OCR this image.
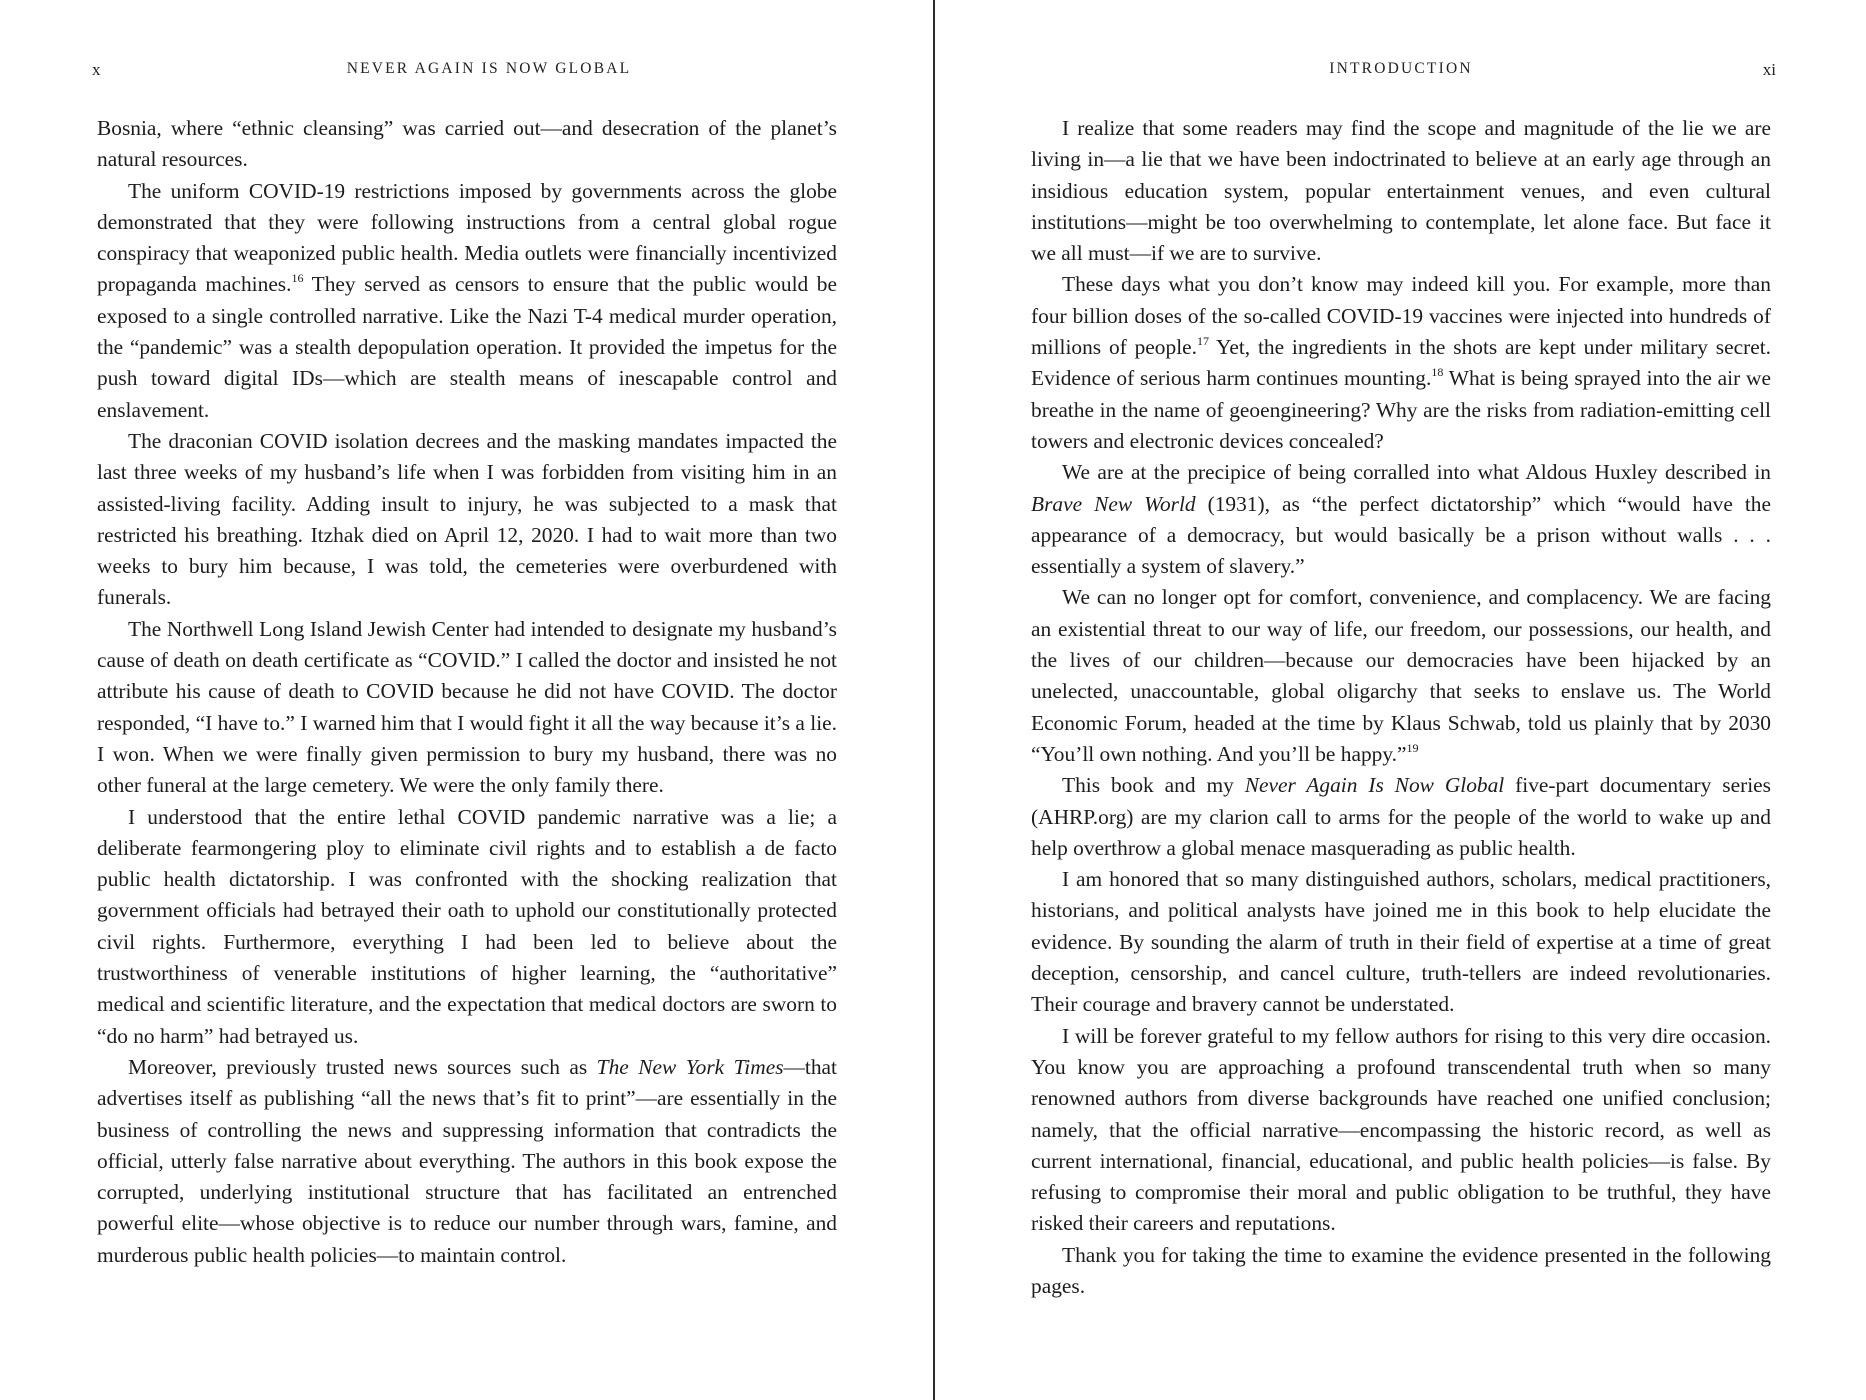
x	NEVER AGAIN IS NOW GLOBAL

Bosnia, where “ethnic cleansing” was carried out—and desecration of the planet’s natural resources.

The uniform COVID-19 restrictions imposed by governments across the globe demonstrated that they were following instructions from a central global rogue conspiracy that weaponized public health. Media outlets were financially incentivized propaganda machines.$^{16}$ They served as censors to ensure that the public would be exposed to a single controlled narrative. Like the Nazi T-4 medical murder operation, the “pandemic” was a stealth depopulation operation. It provided the impetus for the push toward digital IDs—which are stealth means of inescapable control and enslavement.

The draconian COVID isolation decrees and the masking mandates impacted the last three weeks of my husband’s life when I was forbidden from visiting him in an assisted-living facility. Adding insult to injury, he was subjected to a mask that restricted his breathing. Itzhak died on April 12, 2020. I had to wait more than two weeks to bury him because, I was told, the cemeteries were overburdened with funerals.

The Northwell Long Island Jewish Center had intended to designate my husband’s cause of death on death certificate as “COVID.” I called the doctor and insisted he not attribute his cause of death to COVID because he did not have COVID. The doctor responded, “I have to.” I warned him that I would fight it all the way because it’s a lie. I won. When we were finally given permission to bury my husband, there was no other funeral at the large cemetery. We were the only family there.

I understood that the entire lethal COVID pandemic narrative was a lie; a deliberate fearmongering ploy to eliminate civil rights and to establish a de facto public health dictatorship. I was confronted with the shocking realization that government officials had betrayed their oath to uphold our constitutionally protected civil rights. Furthermore, everything I had been led to believe about the trustworthiness of venerable institutions of higher learning, the “authoritative” medical and scientific literature, and the expectation that medical doctors are sworn to “do no harm” had betrayed us.

Moreover, previously trusted news sources such as The New York Times—that advertises itself as publishing “all the news that’s fit to print”—are essentially in the business of controlling the news and suppressing information that contradicts the official, utterly false narrative about everything. The authors in this book expose the corrupted, underlying institutional structure that has facilitated an entrenched powerful elite—whose objective is to reduce our number through wars, famine, and murderous public health policies—to maintain control.

INTRODUCTION	xi

I realize that some readers may find the scope and magnitude of the lie we are living in—a lie that we have been indoctrinated to believe at an early age through an insidious education system, popular entertainment venues, and even cultural institutions—might be too overwhelming to contemplate, let alone face. But face it we all must—if we are to survive.

These days what you don’t know may indeed kill you. For example, more than four billion doses of the so-called COVID-19 vaccines were injected into hundreds of millions of people.$^{17}$ Yet, the ingredients in the shots are kept under military secret. Evidence of serious harm continues mounting.$^{18}$ What is being sprayed into the air we breathe in the name of geoengineering? Why are the risks from radiation-emitting cell towers and electronic devices concealed?

We are at the precipice of being corralled into what Aldous Huxley described in Brave New World (1931), as “the perfect dictatorship” which “would have the appearance of a democracy, but would basically be a prison without walls . . . essentially a system of slavery.”

We can no longer opt for comfort, convenience, and complacency. We are facing an existential threat to our way of life, our freedom, our possessions, our health, and the lives of our children—because our democracies have been hijacked by an unelected, unaccountable, global oligarchy that seeks to enslave us. The World Economic Forum, headed at the time by Klaus Schwab, told us plainly that by 2030 “You’ll own nothing. And you’ll be happy.”$^{19}$

This book and my Never Again Is Now Global five-part documentary series (AHRP.org) are my clarion call to arms for the people of the world to wake up and help overthrow a global menace masquerading as public health.

I am honored that so many distinguished authors, scholars, medical practitioners, historians, and political analysts have joined me in this book to help elucidate the evidence. By sounding the alarm of truth in their field of expertise at a time of great deception, censorship, and cancel culture, truth-tellers are indeed revolutionaries. Their courage and bravery cannot be understated.

I will be forever grateful to my fellow authors for rising to this very dire occasion. You know you are approaching a profound transcendental truth when so many renowned authors from diverse backgrounds have reached one unified conclusion; namely, that the official narrative—encompassing the historic record, as well as current international, financial, educational, and public health policies—is false. By refusing to compromise their moral and public obligation to be truthful, they have risked their careers and reputations.

Thank you for taking the time to examine the evidence presented in the following pages.
